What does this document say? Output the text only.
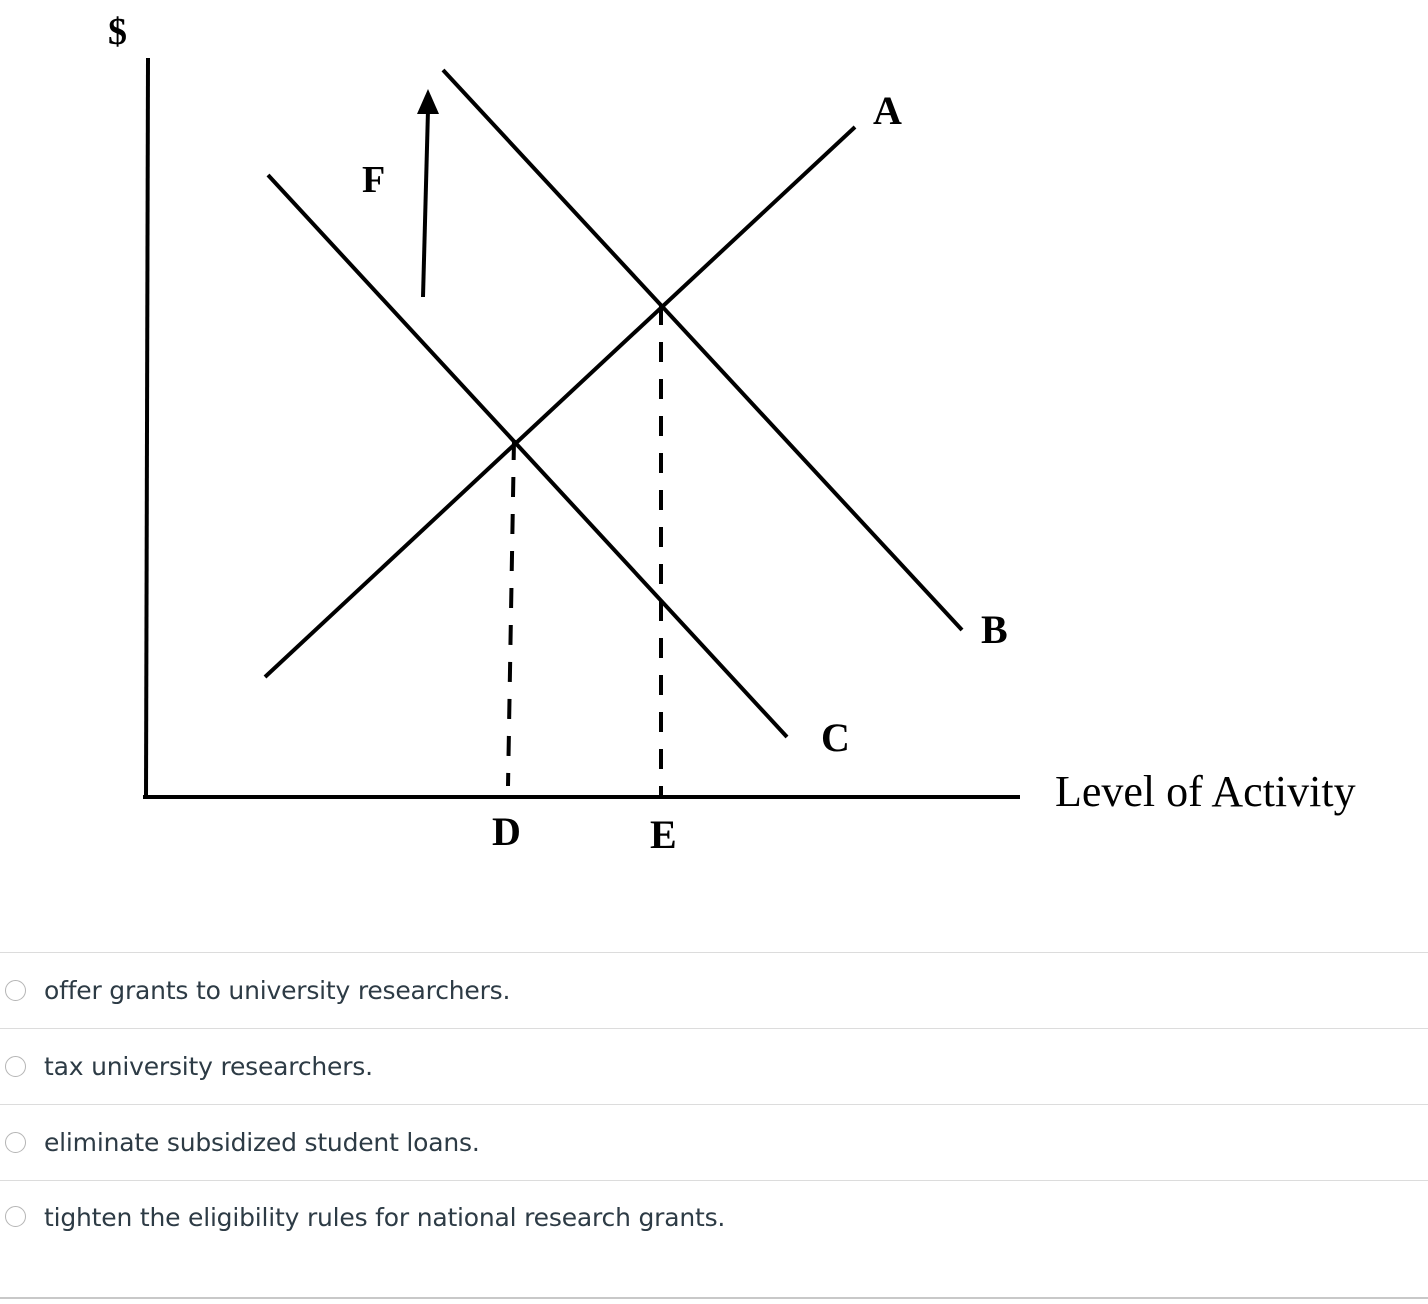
$
F
A
B
C
D	E
Level of Activity
offer grants to university researchers.
tax university researchers.
eliminate subsidized student loans.
tighten the eligibility rules for national research grants.
